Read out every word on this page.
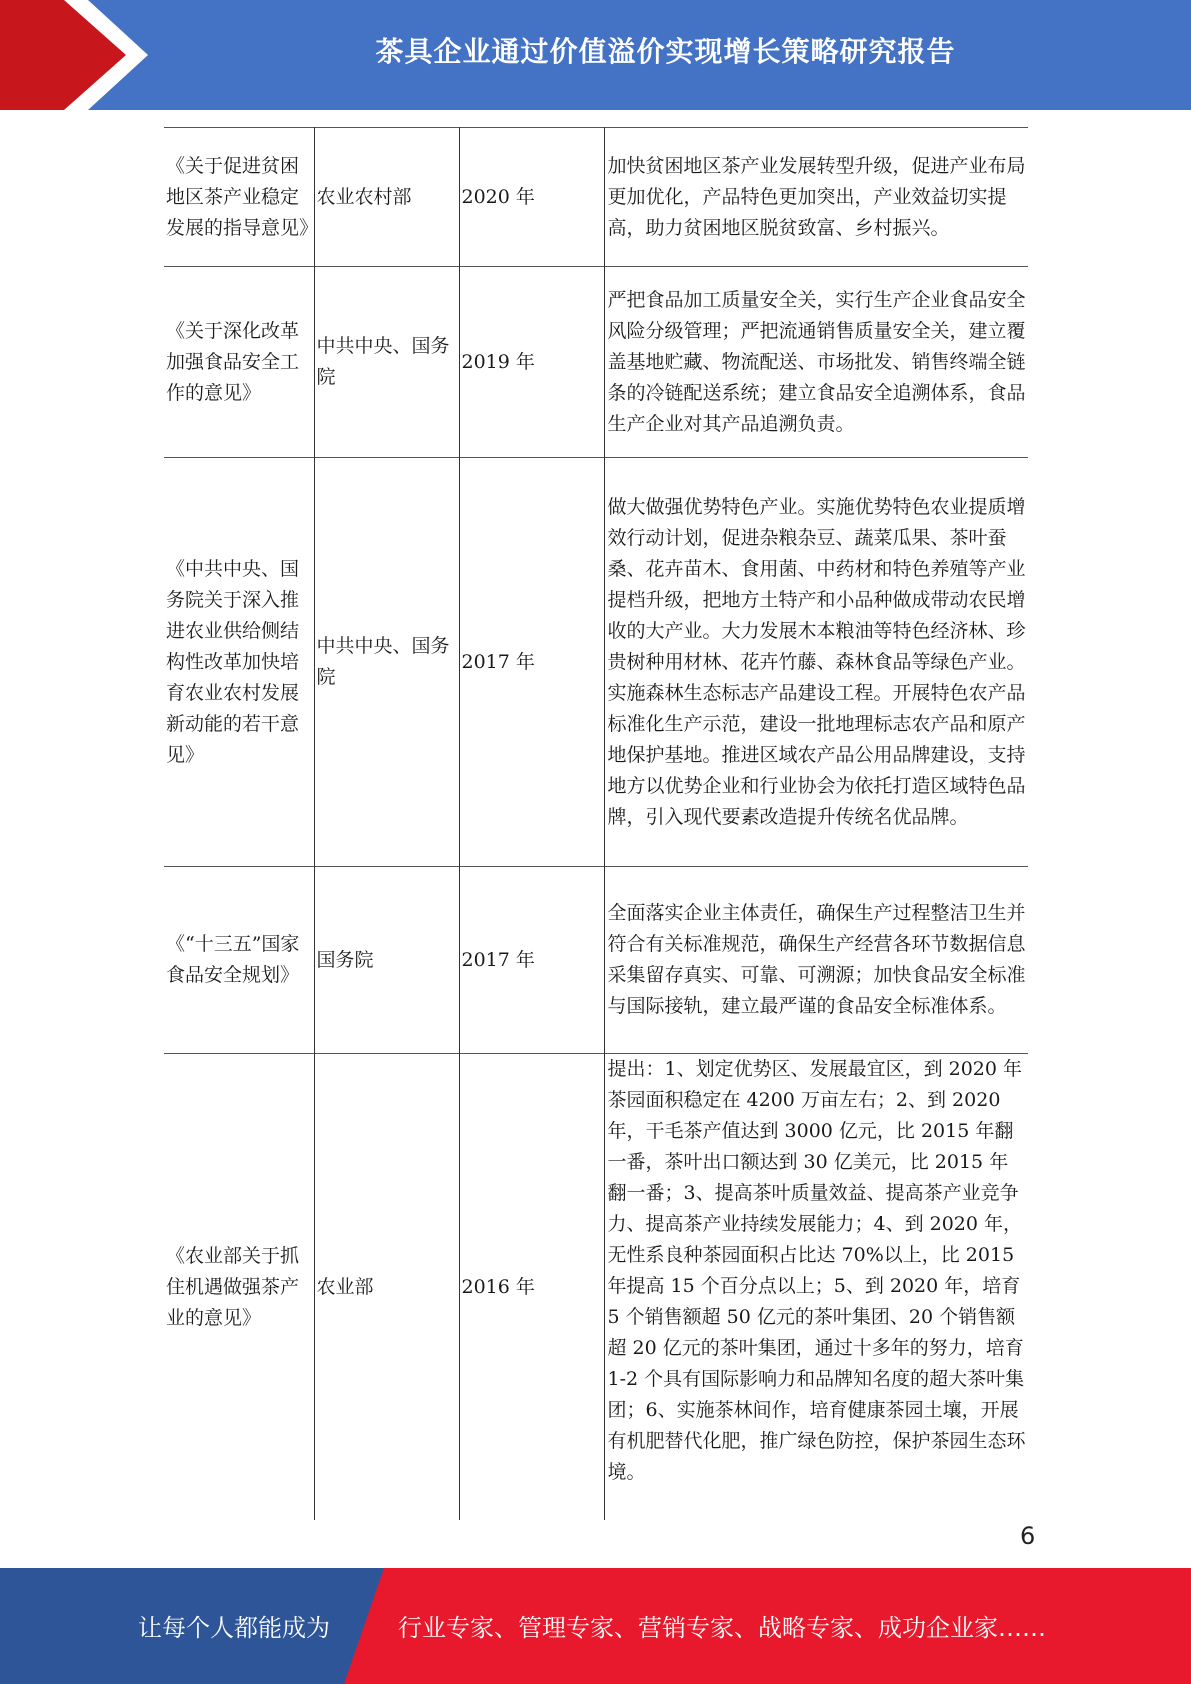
茶具企业通过价值溢价实现增长策略研究报告
《关于促进贫困地区茶产业稳定发展的指导意见》	农业农村部	2020 年	加快贫困地区茶产业发展转型升级，促进产业布局更加优化，产品特色更加突出，产业效益切实提高，助力贫困地区脱贫致富、乡村振兴。
《关于深化改革加强食品安全工作的意见》	中共中央、国务院	2019 年	严把食品加工质量安全关，实行生产企业食品安全风险分级管理；严把流通销售质量安全关，建立覆盖基地贮藏、物流配送、市场批发、销售终端全链条的冷链配送系统；建立食品安全追溯体系，食品生产企业对其产品追溯负责。
《中共中央、国务院关于深入推进农业供给侧结构性改革加快培育农业农村发展新动能的若干意见》	中共中央、国务院	2017 年	做大做强优势特色产业。实施优势特色农业提质增效行动计划，促进杂粮杂豆、蔬菜瓜果、茶叶蚕桑、花卉苗木、食用菌、中药材和特色养殖等产业提档升级，把地方土特产和小品种做成带动农民增收的大产业。大力发展木本粮油等特色经济林、珍贵树种用材林、花卉竹藤、森林食品等绿色产业。实施森林生态标志产品建设工程。开展特色农产品标准化生产示范，建设一批地理标志农产品和原产地保护基地。推进区域农产品公用品牌建设，支持地方以优势企业和行业协会为依托打造区域特色品牌，引入现代要素改造提升传统名优品牌。
《“十三五”国家食品安全规划》	国务院	2017 年	全面落实企业主体责任，确保生产过程整洁卫生并符合有关标准规范，确保生产经营各环节数据信息采集留存真实、可靠、可溯源；加快食品安全标准与国际接轨，建立最严谨的食品安全标准体系。
《农业部关于抓住机遇做强茶产业的意见》	农业部	2016 年	提出：1、划定优势区、发展最宜区，到 2020 年茶园面积稳定在 4200 万亩左右；2、到 2020 年，干毛茶产值达到 3000 亿元，比 2015 年翻一番，茶叶出口额达到 30 亿美元，比 2015 年翻一番；3、提高茶叶质量效益、提高茶产业竞争力、提高茶产业持续发展能力；4、到 2020 年，无性系良种茶园面积占比达 70%以上，比 2015 年提高 15 个百分点以上；5、到 2020 年，培育 5 个销售额超 50 亿元的茶叶集团、20 个销售额超 20 亿元的茶叶集团，通过十多年的努力，培育 1-2 个具有国际影响力和品牌知名度的超大茶叶集团；6、实施茶林间作，培育健康茶园土壤，开展有机肥替代化肥，推广绿色防控，保护茶园生态环境。
6
让每个人都能成为	行业专家、管理专家、营销专家、战略专家、成功企业家……
